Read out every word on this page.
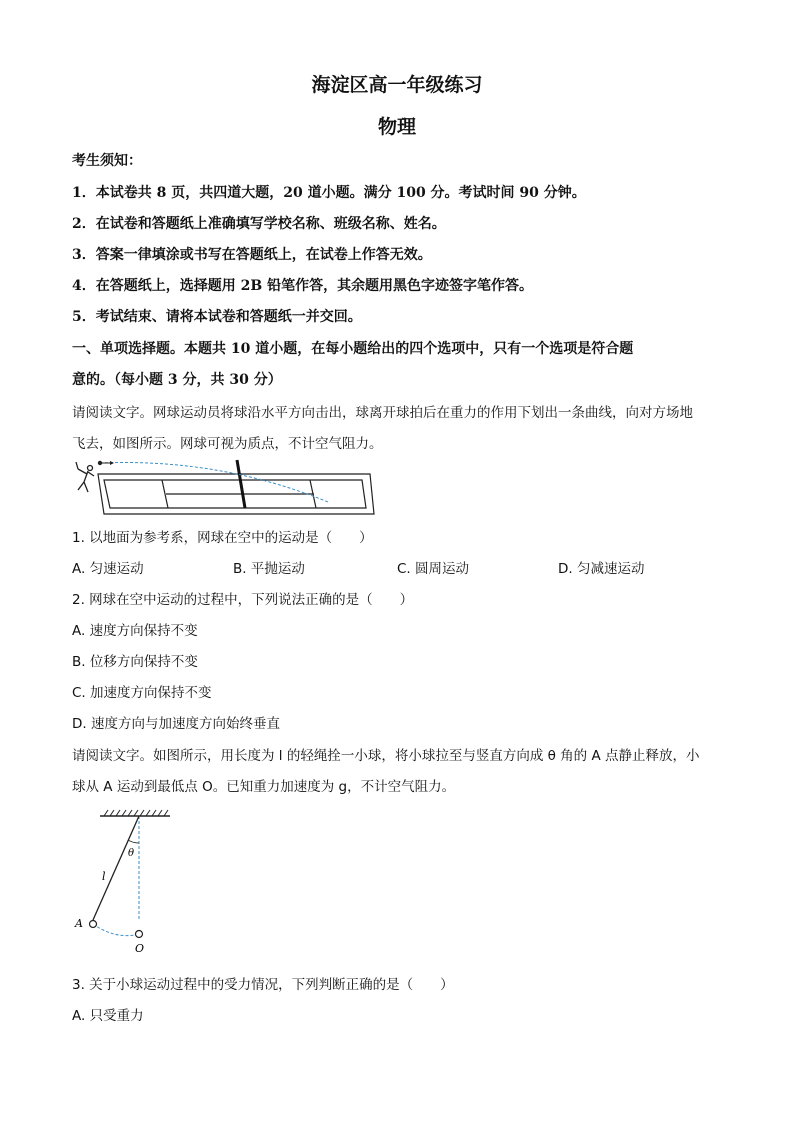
海淀区高一年级练习
物理
考生须知：
1．本试卷共 8 页，共四道大题，20 道小题。满分 100 分。考试时间 90 分钟。
2．在试卷和答题纸上准确填写学校名称、班级名称、姓名。
3．答案一律填涂或书写在答题纸上，在试卷上作答无效。
4．在答题纸上，选择题用 2B 铅笔作答，其余题用黑色字迹签字笔作答。
5．考试结束、请将本试卷和答题纸一并交回。
一、单项选择题。本题共 10 道小题，在每小题给出的四个选项中，只有一个选项是符合题
意的。（每小题 3 分，共 30 分）
请阅读文字。网球运动员将球沿水平方向击出，球离开球拍后在重力的作用下划出一条曲线，向对方场地
飞去，如图所示。网球可视为质点，不计空气阻力。
1. 以地面为参考系，网球在空中的运动是（　　）
A. 匀速运动	B. 平抛运动	C. 圆周运动	D. 匀减速运动
2. 网球在空中运动的过程中，下列说法正确的是（　　）
A. 速度方向保持不变
B. 位移方向保持不变
C. 加速度方向保持不变
D. 速度方向与加速度方向始终垂直
请阅读文字。如图所示，用长度为 l 的轻绳拴一小球，将小球拉至与竖直方向成 θ 角的 A 点静止释放，小
球从 A 运动到最低点 O。已知重力加速度为 g，不计空气阻力。
θ
l
A
O
3. 关于小球运动过程中的受力情况，下列判断正确的是（　　）
A. 只受重力
